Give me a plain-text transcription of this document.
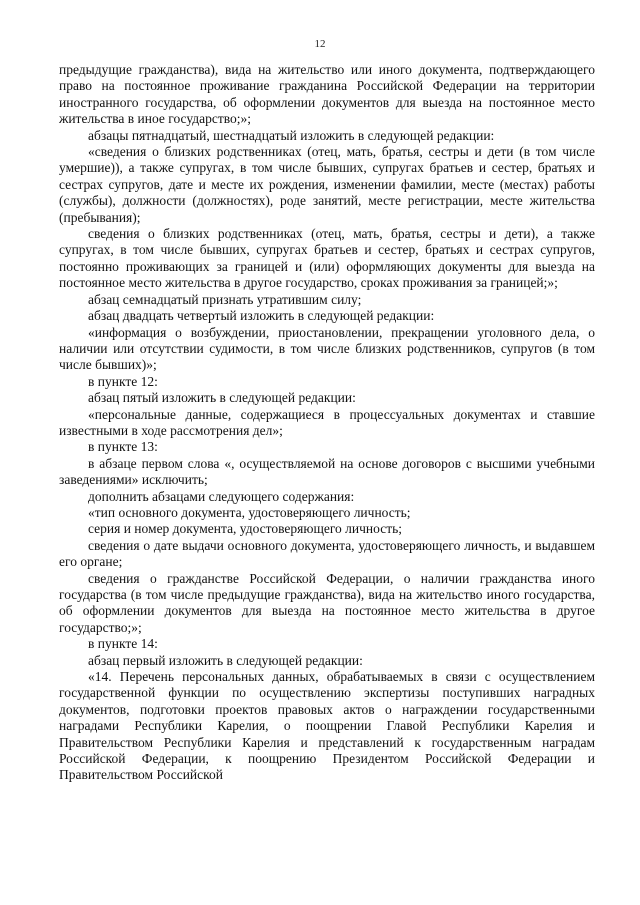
12

предыдущие гражданства), вида на жительство или иного документа, подтверждающего право на постоянное проживание гражданина Российской Федерации на территории иностранного государства, об оформлении документов для выезда на постоянное место жительства в иное государство;»;

абзацы пятнадцатый, шестнадцатый изложить в следующей редакции:

«сведения о близких родственниках (отец, мать, братья, сестры и дети (в том числе умершие)), а также супругах, в том числе бывших, супругах братьев и сестер, братьях и сестрах супругов, дате и месте их рождения, изменении фамилии, месте (местах) работы (службы), должности (должностях), роде занятий, месте регистрации, месте жительства (пребывания);

сведения о близких родственниках (отец, мать, братья, сестры и дети), а также супругах, в том числе бывших, супругах братьев и сестер, братьях и сестрах супругов, постоянно проживающих за границей и (или) оформляющих документы для выезда на постоянное место жительства в другое государство, сроках проживания за границей;»;

абзац семнадцатый признать утратившим силу;

абзац двадцать четвертый изложить в следующей редакции:

«информация о возбуждении, приостановлении, прекращении уголовного дела, о наличии или отсутствии судимости, в том числе близких родственников, супругов (в том числе бывших)»;

в пункте 12:

абзац пятый изложить в следующей редакции:

«персональные данные, содержащиеся в процессуальных документах и ставшие известными в ходе рассмотрения дел»;

в пункте 13:

в абзаце первом слова «, осуществляемой на основе договоров с высшими учебными заведениями» исключить;

дополнить абзацами следующего содержания:

«тип основного документа, удостоверяющего личность;

серия и номер документа, удостоверяющего личность;

сведения о дате выдачи основного документа, удостоверяющего личность, и выдавшем его органе;

сведения о гражданстве Российской Федерации, о наличии гражданства иного государства (в том числе предыдущие гражданства), вида на жительство иного государства, об оформлении документов для выезда на постоянное место жительства в другое государство;»;

в пункте 14:

абзац первый изложить в следующей редакции:

«14. Перечень персональных данных, обрабатываемых в связи с осуществлением государственной функции по осуществлению экспертизы поступивших наградных документов, подготовки проектов правовых актов о награждении государственными наградами Республики Карелия, о поощрении Главой Республики Карелия и Правительством Республики Карелия и представлений к государственным наградам Российской Федерации, к поощрению Президентом Российской Федерации и Правительством Российской
